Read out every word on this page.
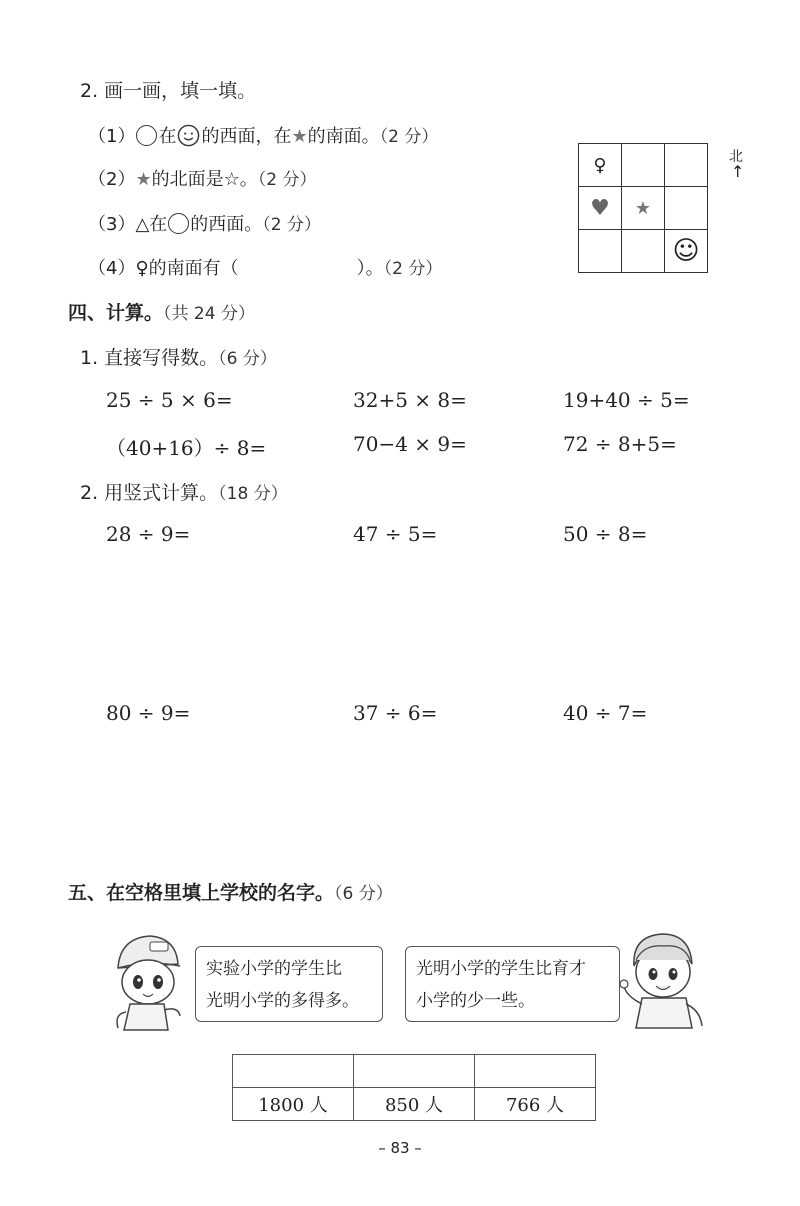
2. 画一画，填一填。
（1） 在 的西面，在★的南面。（2 分）
（2）★的北面是☆。（2 分）
（3）△在 的西面。（2 分）
（4）♀的南面有（	）。（2 分）
♀		
♥	★	
		☺
北
↑
四、计算。（共 24 分）
1. 直接写得数。（6 分）
25 ÷ 5 × 6=	32+5 × 8=	19+40 ÷ 5=
（40+16）÷ 8=	70−4 × 9=	72 ÷ 8+5=
2. 用竖式计算。（18 分）
28 ÷ 9=	47 ÷ 5=	50 ÷ 8=
80 ÷ 9=	37 ÷ 6=	40 ÷ 7=
五、在空格里填上学校的名字。（6 分）
实验小学的学生比
光明小学的多得多。
光明小学的学生比育才
小学的少一些。

1800 人	850 人	766 人
– 83 –
